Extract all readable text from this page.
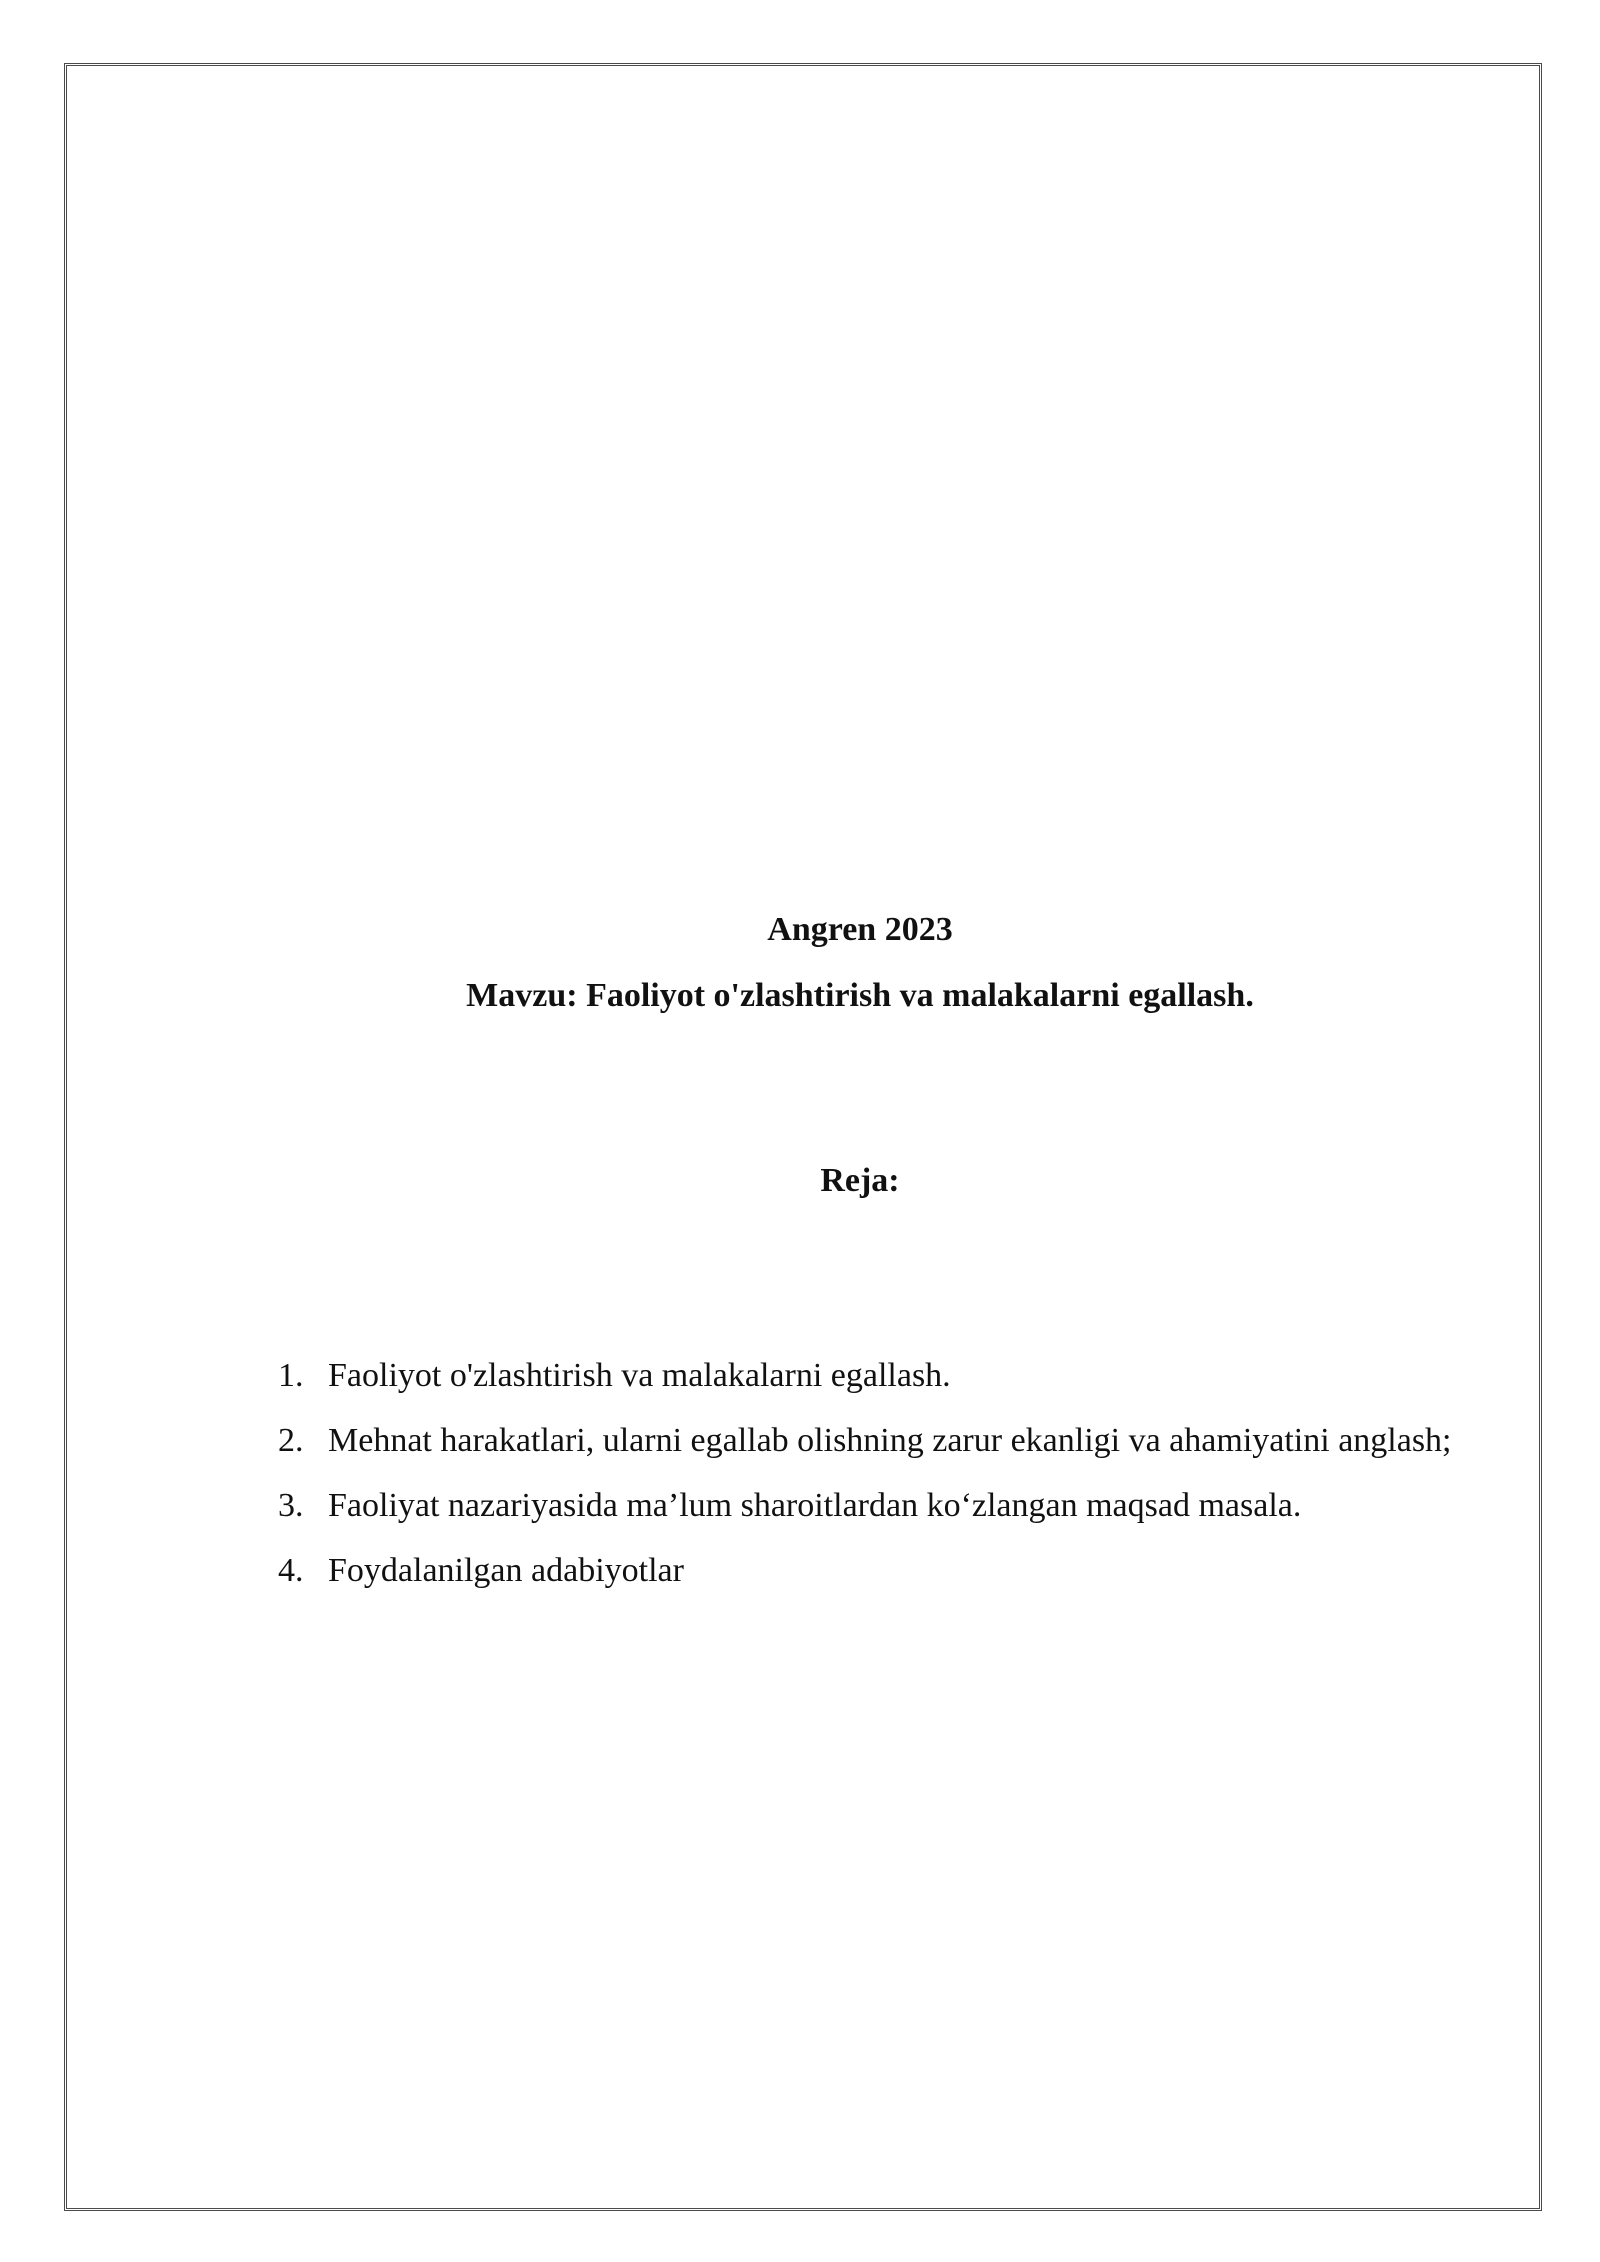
Angren 2023
Mavzu: Faoliyot o'zlashtirish va malakalarni egallash.
Reja:
1. Faoliyot o'zlashtirish va malakalarni egallash.
2. Mehnat harakatlari, ularni egallab olishning zarur ekanligi va ahamiyatini anglash;
3. Faoliyat nazariyasida ma’lum sharoitlardan ko‘zlangan maqsad masala.
4. Foydalanilgan adabiyotlar
